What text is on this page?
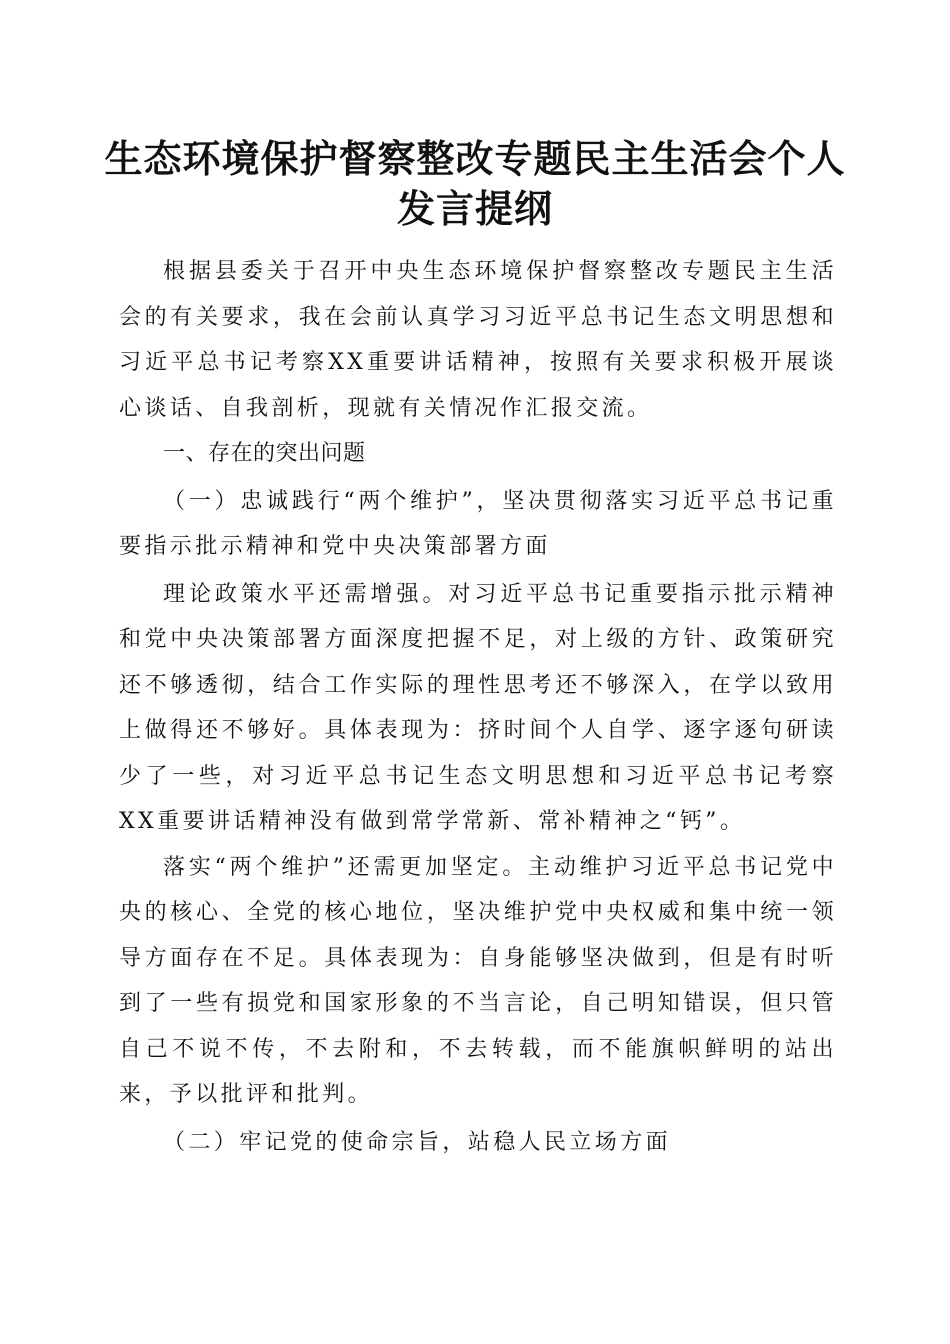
生态环境保护督察整改专题民主生活会个人发言提纲

根据县委关于召开中央生态环境保护督察整改专题民主生活会的有关要求，我在会前认真学习习近平总书记生态文明思想和习近平总书记考察XX重要讲话精神，按照有关要求积极开展谈心谈话、自我剖析，现就有关情况作汇报交流。

一、存在的突出问题

（一）忠诚践行“两个维护”，坚决贯彻落实习近平总书记重要指示批示精神和党中央决策部署方面

理论政策水平还需增强。对习近平总书记重要指示批示精神和党中央决策部署方面深度把握不足，对上级的方针、政策研究还不够透彻，结合工作实际的理性思考还不够深入，在学以致用上做得还不够好。具体表现为：挤时间个人自学、逐字逐句研读少了一些，对习近平总书记生态文明思想和习近平总书记考察XX重要讲话精神没有做到常学常新、常补精神之“钙”。

落实“两个维护”还需更加坚定。主动维护习近平总书记党中央的核心、全党的核心地位，坚决维护党中央权威和集中统一领导方面存在不足。具体表现为：自身能够坚决做到，但是有时听到了一些有损党和国家形象的不当言论，自己明知错误，但只管自己不说不传，不去附和，不去转载，而不能旗帜鲜明的站出来，予以批评和批判。

（二）牢记党的使命宗旨，站稳人民立场方面
